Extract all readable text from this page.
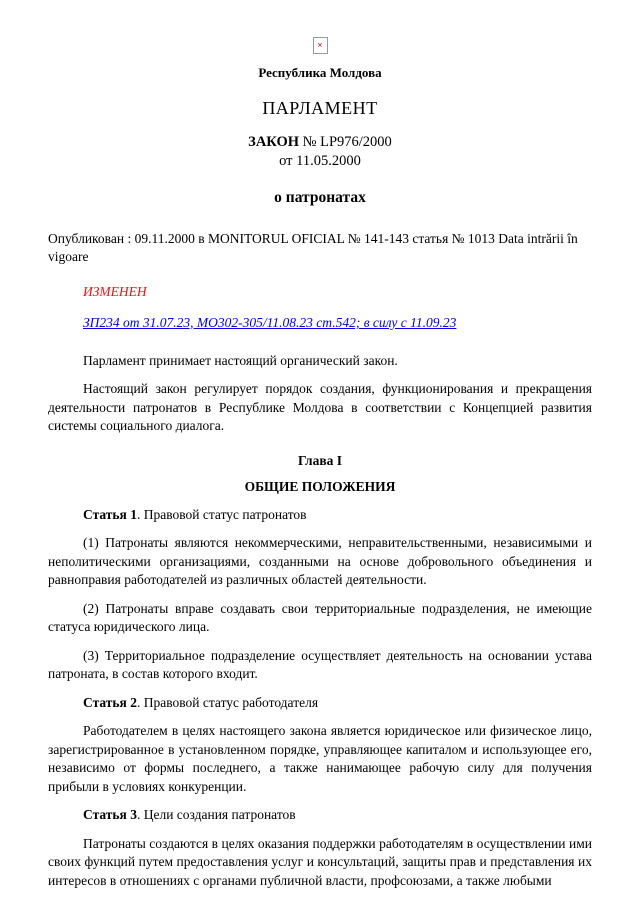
×

Республика Молдова

ПАРЛАМЕНТ

ЗАКОН № LP976/2000

от 11.05.2000

о патронатах

Опубликован : 09.11.2000 в MONITORUL OFICIAL № 141-143 статья № 1013 Data intrării în vigoare

ИЗМЕНЕН

ЗП234 от 31.07.23, МО302-305/11.08.23 ст.542; в силу с 11.09.23

Парламент принимает настоящий органический закон.

Настоящий закон регулирует порядок создания, функционирования и прекращения деятельности патронатов в Республике Молдова в соответствии с Концепцией развития системы социального диалога.

Глава I

ОБЩИЕ ПОЛОЖЕНИЯ

Статья 1. Правовой статус патронатов

(1) Патронаты являются некоммерческими, неправительственными, независимыми и неполитическими организациями, созданными на основе добровольного объединения и равноправия работодателей из различных областей деятельности.

(2) Патронаты вправе создавать свои территориальные подразделения, не имеющие статуса юридического лица.

(3) Территориальное подразделение осуществляет деятельность на основании устава патроната, в состав которого входит.

Статья 2. Правовой статус работодателя

Работодателем в целях настоящего закона является юридическое или физическое лицо, зарегистрированное в установленном порядке, управляющее капиталом и использующее его, независимо от формы последнего, а также нанимающее рабочую силу для получения прибыли в условиях конкуренции.

Статья 3. Цели создания патронатов

Патронаты создаются в целях оказания поддержки работодателям в осуществлении ими своих функций путем предоставления услуг и консультаций, защиты прав и представления их интересов в отношениях с органами публичной власти, профсоюзами, а также любыми
